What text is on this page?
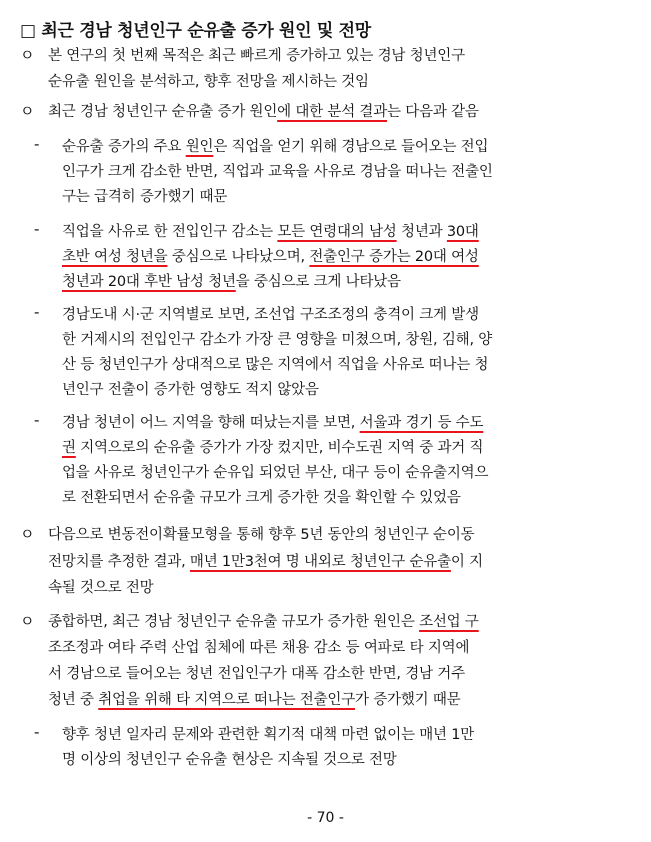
□ 최근 경남 청년인구 순유출 증가 원인 및 전망
ㅇ 본 연구의 첫 번째 목적은 최근 빠르게 증가하고 있는 경남 청년인구
순유출 원인을 분석하고, 향후 전망을 제시하는 것임
ㅇ 최근 경남 청년인구 순유출 증가 원인에 대한 분석 결과는 다음과 같음
- 순유출 증가의 주요 원인은 직업을 얻기 위해 경남으로 들어오는 전입
인구가 크게 감소한 반면, 직업과 교육을 사유로 경남을 떠나는 전출인
구는 급격히 증가했기 때문
- 직업을 사유로 한 전입인구 감소는 모든 연령대의 남성 청년과 30대
초반 여성 청년을 중심으로 나타났으며, 전출인구 증가는 20대 여성
청년과 20대 후반 남성 청년을 중심으로 크게 나타났음
- 경남도내 시·군 지역별로 보면, 조선업 구조조정의 충격이 크게 발생
한 거제시의 전입인구 감소가 가장 큰 영향을 미쳤으며, 창원, 김해, 양
산 등 청년인구가 상대적으로 많은 지역에서 직업을 사유로 떠나는 청
년인구 전출이 증가한 영향도 적지 않았음
- 경남 청년이 어느 지역을 향해 떠났는지를 보면, 서울과 경기 등 수도
권 지역으로의 순유출 증가가 가장 컸지만, 비수도권 지역 중 과거 직
업을 사유로 청년인구가 순유입 되었던 부산, 대구 등이 순유출지역으
로 전환되면서 순유출 규모가 크게 증가한 것을 확인할 수 있었음
ㅇ 다음으로 변동전이확률모형을 통해 향후 5년 동안의 청년인구 순이동
전망치를 추정한 결과, 매년 1만3천여 명 내외로 청년인구 순유출이 지
속될 것으로 전망
ㅇ 종합하면, 최근 경남 청년인구 순유출 규모가 증가한 원인은 조선업 구
조조정과 여타 주력 산업 침체에 따른 채용 감소 등 여파로 타 지역에
서 경남으로 들어오는 청년 전입인구가 대폭 감소한 반면, 경남 거주
청년 중 취업을 위해 타 지역으로 떠나는 전출인구가 증가했기 때문
- 향후 청년 일자리 문제와 관련한 획기적 대책 마련 없이는 매년 1만
명 이상의 청년인구 순유출 현상은 지속될 것으로 전망
- 70 -
